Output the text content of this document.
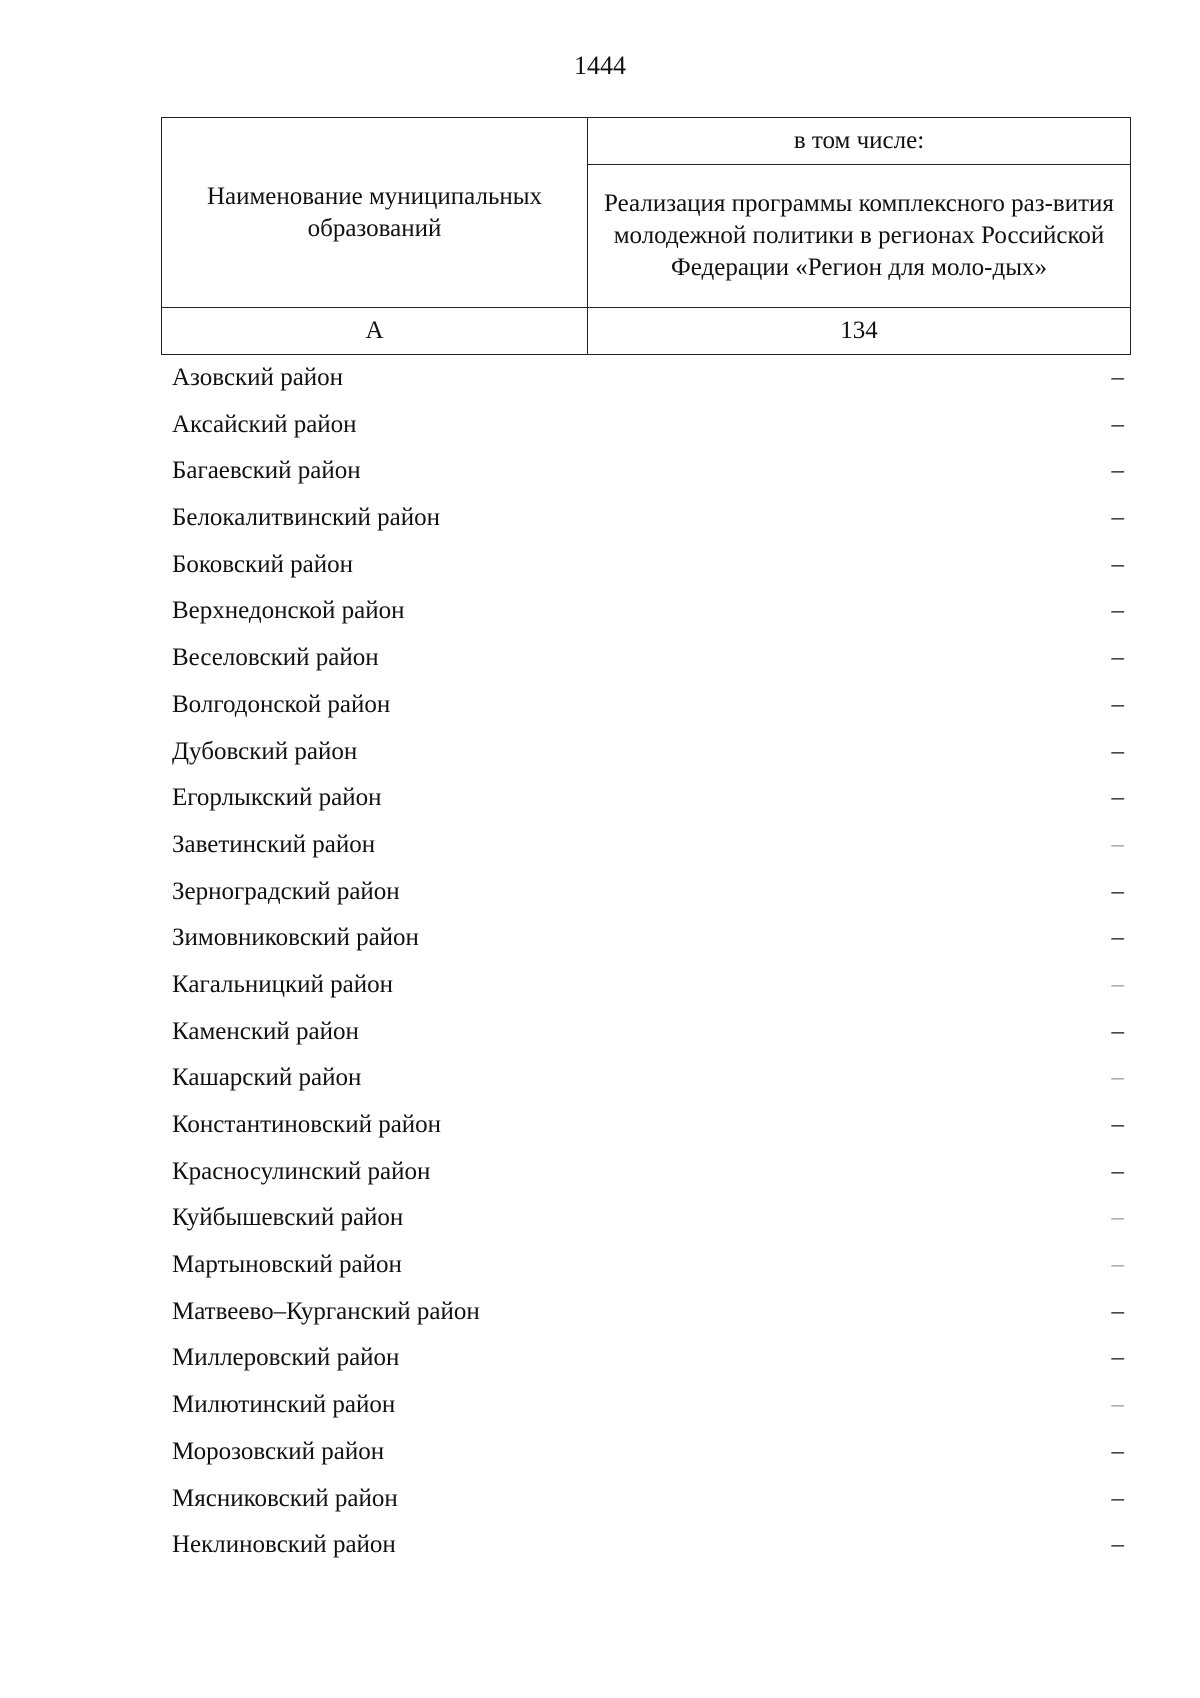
1444
Наименование муниципальных образований	в том числе:
	Реализация программы комплексного раз-вития молодежной политики в регионах Российской Федерации «Регион для моло-дых»
А	134
Азовский район	–
Аксайский район	–
Багаевский район	–
Белокалитвинский район	–
Боковский район	–
Верхнедонской район	–
Веселовский район	–
Волгодонской район	–
Дубовский район	–
Егорлыкский район	–
Заветинский район	–
Зерноградский район	–
Зимовниковский район	–
Кагальницкий район	–
Каменский район	–
Кашарский район	–
Константиновский район	–
Красносулинский район	–
Куйбышевский район	–
Мартыновский район	–
Матвеево–Курганский район	–
Миллеровский район	–
Милютинский район	–
Морозовский район	–
Мясниковский район	–
Неклиновский район	–
